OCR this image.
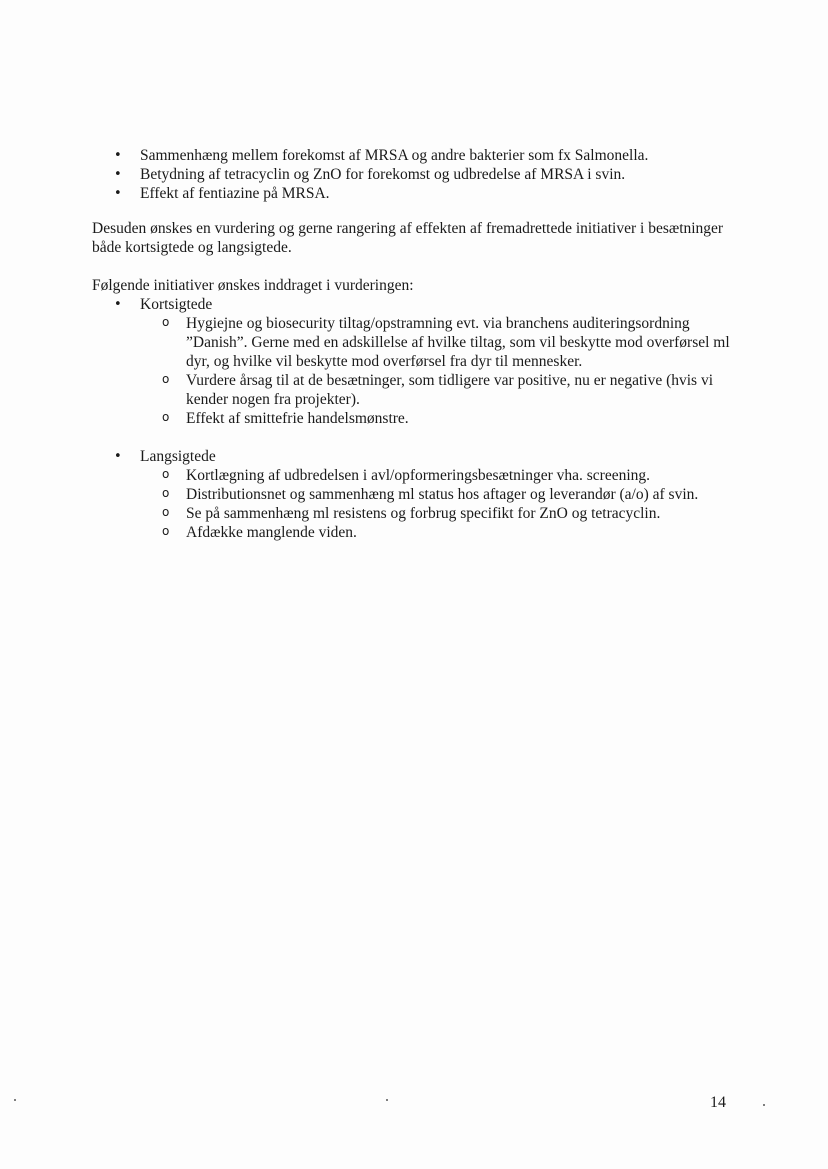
• Sammenhæng mellem forekomst af MRSA og andre bakterier som fx Salmonella.
• Betydning af tetracyclin og ZnO for forekomst og udbredelse af MRSA i svin.
• Effekt af fentiazine på MRSA.

Desuden ønskes en vurdering og gerne rangering af effekten af fremadrettede initiativer i besætninger både kortsigtede og langsigtede.

Følgende initiativer ønskes inddraget i vurderingen:

• Kortsigtede
o Hygiejne og biosecurity tiltag/opstramning evt. via branchens auditeringsordning ”Danish”. Gerne med en adskillelse af hvilke tiltag, som vil beskytte mod overførsel ml dyr, og hvilke vil beskytte mod overførsel fra dyr til mennesker.
o Vurdere årsag til at de besætninger, som tidligere var positive, nu er negative (hvis vi kender nogen fra projekter).
o Effekt af smittefrie handelsmønstre.
• Langsigtede
o Kortlægning af udbredelsen i avl/opformeringsbesætninger vha. screening.
o Distributionsnet og sammenhæng ml status hos aftager og leverandør (a/o) af svin.
o Se på sammenhæng ml resistens og forbrug specifikt for ZnO og tetracyclin.
o Afdække manglende viden.
14
